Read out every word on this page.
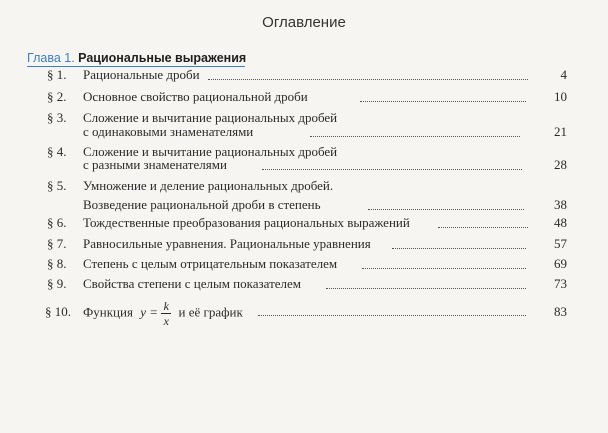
Оглавление
Глава 1. Рациональные выражения
§ 1. Рациональные дроби	4
§ 2. Основное свойство рациональной дроби	10
§ 3. Сложение и вычитание рациональных дробей
с одинаковыми знаменателями	21
§ 4. Сложение и вычитание рациональных дробей
с разными знаменателями	28
§ 5. Умножение и деление рациональных дробей.
Возведение рациональной дроби в степень	38
§ 6. Тождественные преобразования рациональных выражений	48
§ 7. Равносильные уравнения. Рациональные уравнения	57
§ 8. Степень с целым отрицательным показателем	69
§ 9. Свойства степени с целым показателем	73
§ 10. Функция $y = \frac{k}{x}$ и её график	83
